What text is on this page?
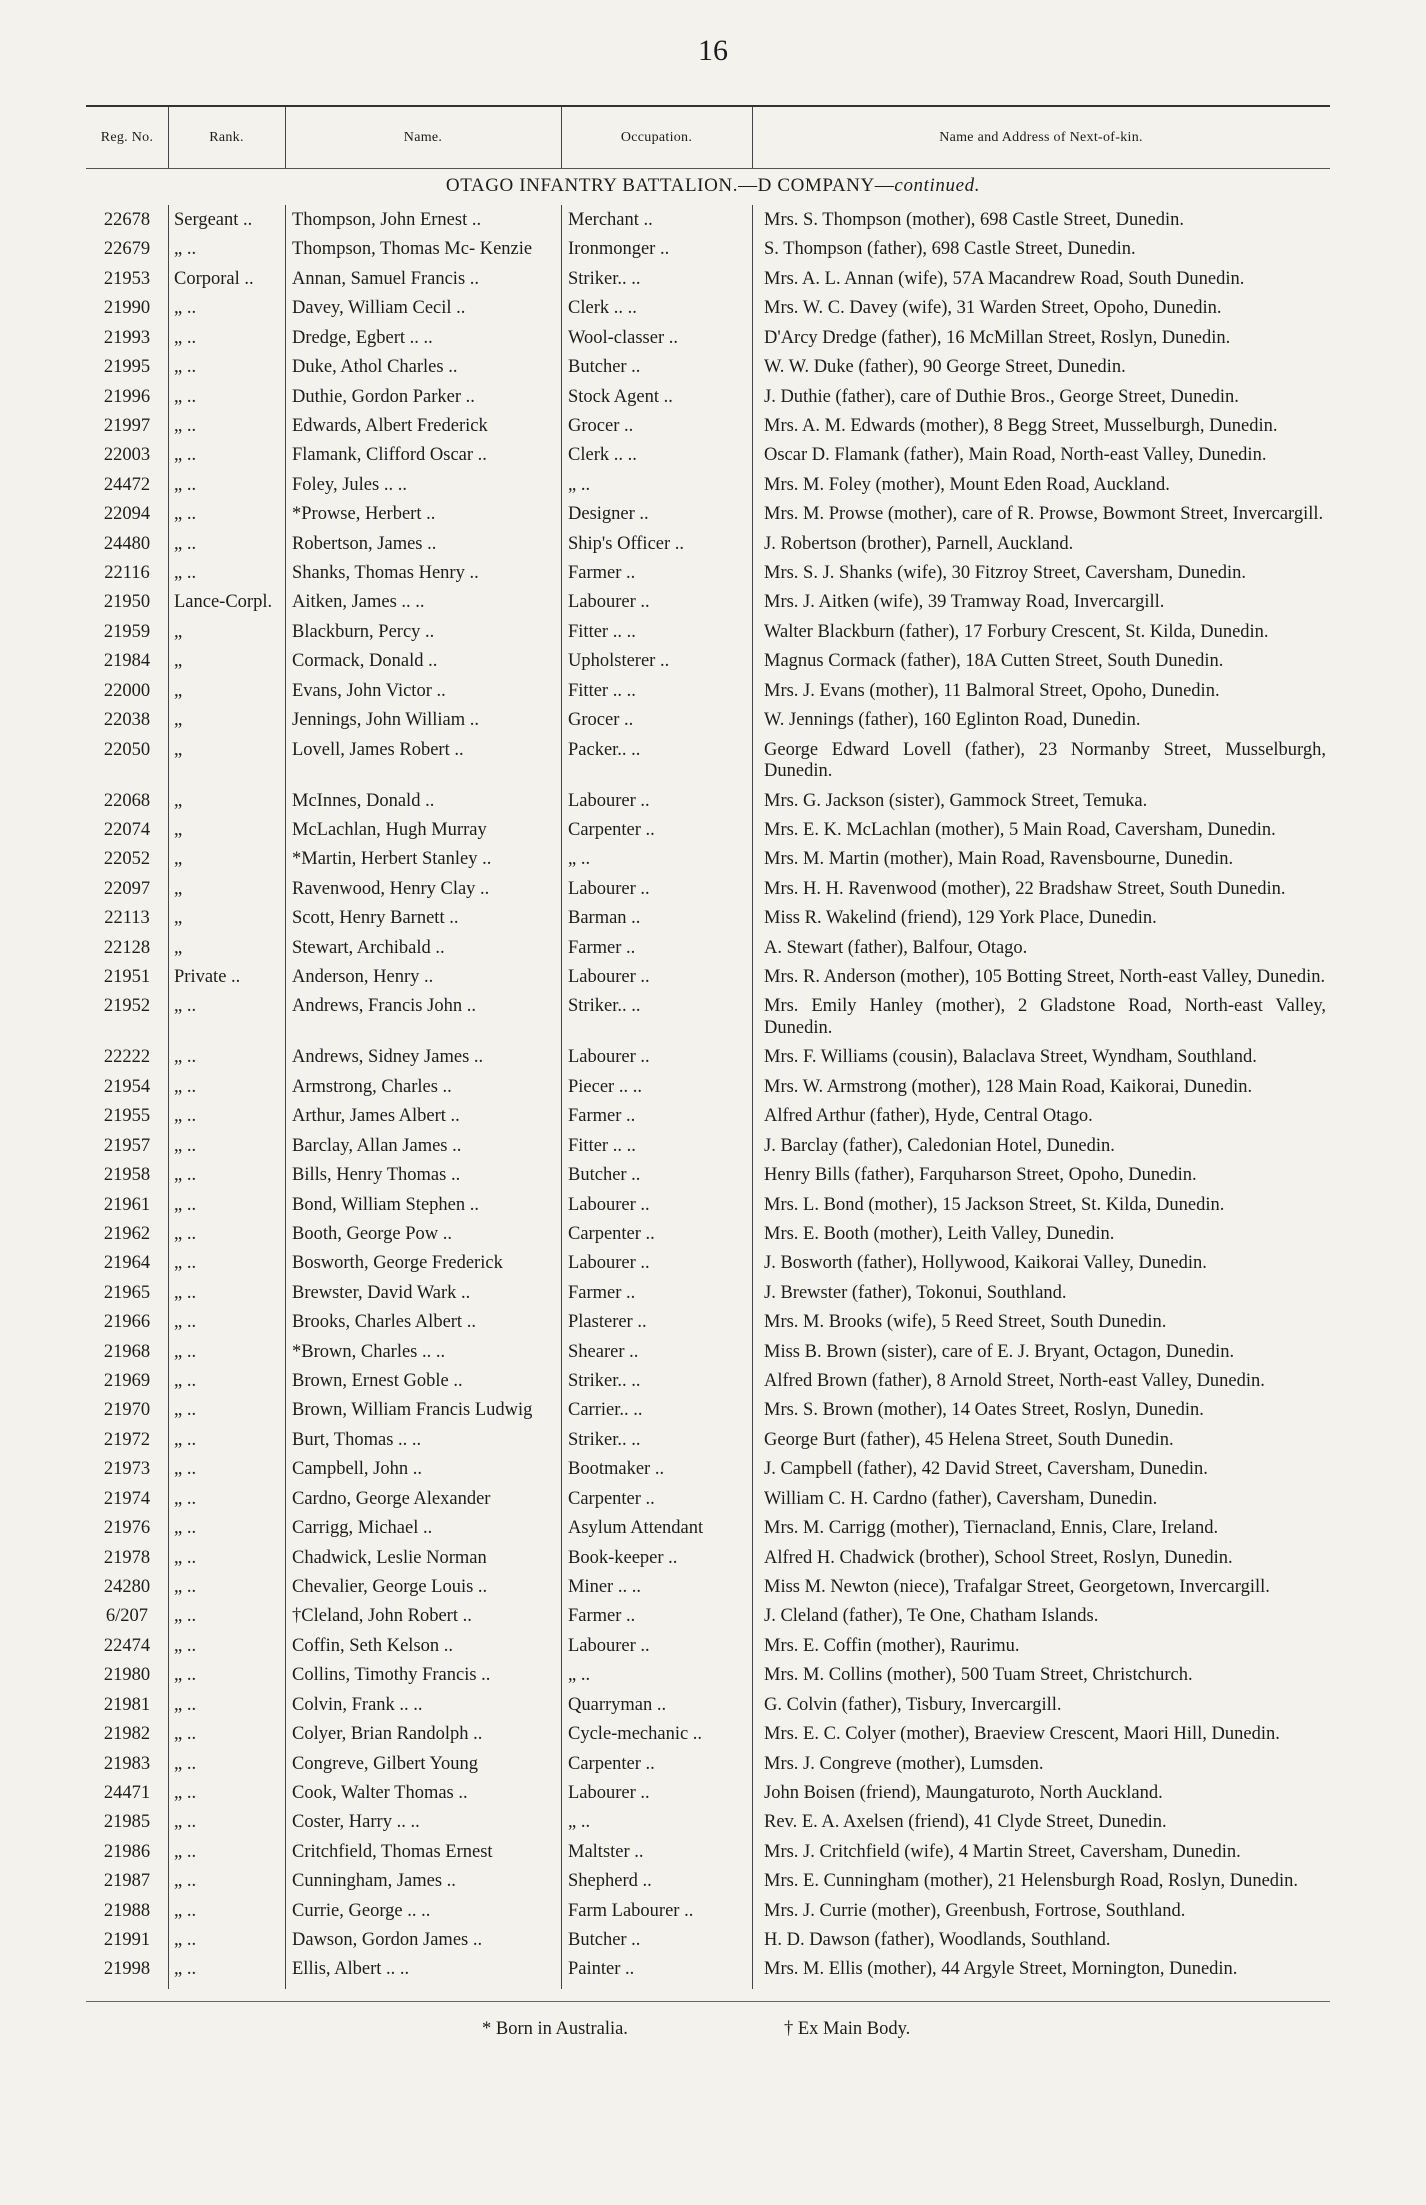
16
Reg. No.	Rank.	Name.	Occupation.	Name and Address of Next-of-kin.
OTAGO INFANTRY BATTALION.—D COMPANY—continued.
22678	Sergeant ..	Thompson, John Ernest ..	Merchant ..	Mrs. S. Thompson (mother), 698 Castle Street, Dunedin.
22679	„ ..	Thompson, Thomas Mc- Kenzie	Ironmonger ..	S. Thompson (father), 698 Castle Street, Dunedin.
21953	Corporal ..	Annan, Samuel Francis ..	Striker.. ..	Mrs. A. L. Annan (wife), 57A Macandrew Road, South Dunedin.
21990	„ ..	Davey, William Cecil ..	Clerk .. ..	Mrs. W. C. Davey (wife), 31 Warden Street, Opoho, Dunedin.
21993	„ ..	Dredge, Egbert .. ..	Wool-classer ..	D'Arcy Dredge (father), 16 McMillan Street, Roslyn, Dunedin.
21995	„ ..	Duke, Athol Charles ..	Butcher ..	W. W. Duke (father), 90 George Street, Dunedin.
21996	„ ..	Duthie, Gordon Parker ..	Stock Agent ..	J. Duthie (father), care of Duthie Bros., George Street, Dunedin.
21997	„ ..	Edwards, Albert Frederick	Grocer ..	Mrs. A. M. Edwards (mother), 8 Begg Street, Musselburgh, Dunedin.
22003	„ ..	Flamank, Clifford Oscar ..	Clerk .. ..	Oscar D. Flamank (father), Main Road, North-east Valley, Dunedin.
24472	„ ..	Foley, Jules .. ..	„ ..	Mrs. M. Foley (mother), Mount Eden Road, Auckland.
22094	„ ..	*Prowse, Herbert ..	Designer ..	Mrs. M. Prowse (mother), care of R. Prowse, Bowmont Street, Invercargill.
24480	„ ..	Robertson, James ..	Ship's Officer ..	J. Robertson (brother), Parnell, Auckland.
22116	„ ..	Shanks, Thomas Henry ..	Farmer ..	Mrs. S. J. Shanks (wife), 30 Fitzroy Street, Caversham, Dunedin.
21950	Lance-Corpl.	Aitken, James .. ..	Labourer ..	Mrs. J. Aitken (wife), 39 Tramway Road, Invercargill.
21959	„	Blackburn, Percy ..	Fitter .. ..	Walter Blackburn (father), 17 Forbury Crescent, St. Kilda, Dunedin.
21984	„	Cormack, Donald ..	Upholsterer ..	Magnus Cormack (father), 18A Cutten Street, South Dunedin.
22000	„	Evans, John Victor ..	Fitter .. ..	Mrs. J. Evans (mother), 11 Balmoral Street, Opoho, Dunedin.
22038	„	Jennings, John William ..	Grocer ..	W. Jennings (father), 160 Eglinton Road, Dunedin.
22050	„	Lovell, James Robert ..	Packer.. ..	George Edward Lovell (father), 23 Normanby Street, Musselburgh, Dunedin.
22068	„	McInnes, Donald ..	Labourer ..	Mrs. G. Jackson (sister), Gammock Street, Temuka.
22074	„	McLachlan, Hugh Murray	Carpenter ..	Mrs. E. K. McLachlan (mother), 5 Main Road, Caversham, Dunedin.
22052	„	*Martin, Herbert Stanley ..	„ ..	Mrs. M. Martin (mother), Main Road, Ravensbourne, Dunedin.
22097	„	Ravenwood, Henry Clay ..	Labourer ..	Mrs. H. H. Ravenwood (mother), 22 Bradshaw Street, South Dunedin.
22113	„	Scott, Henry Barnett ..	Barman ..	Miss R. Wakelind (friend), 129 York Place, Dunedin.
22128	„	Stewart, Archibald ..	Farmer ..	A. Stewart (father), Balfour, Otago.
21951	Private ..	Anderson, Henry ..	Labourer ..	Mrs. R. Anderson (mother), 105 Botting Street, North-east Valley, Dunedin.
21952	„ ..	Andrews, Francis John ..	Striker.. ..	Mrs. Emily Hanley (mother), 2 Gladstone Road, North-east Valley, Dunedin.
22222	„ ..	Andrews, Sidney James ..	Labourer ..	Mrs. F. Williams (cousin), Balaclava Street, Wyndham, Southland.
21954	„ ..	Armstrong, Charles ..	Piecer .. ..	Mrs. W. Armstrong (mother), 128 Main Road, Kaikorai, Dunedin.
21955	„ ..	Arthur, James Albert ..	Farmer ..	Alfred Arthur (father), Hyde, Central Otago.
21957	„ ..	Barclay, Allan James ..	Fitter .. ..	J. Barclay (father), Caledonian Hotel, Dunedin.
21958	„ ..	Bills, Henry Thomas ..	Butcher ..	Henry Bills (father), Farquharson Street, Opoho, Dunedin.
21961	„ ..	Bond, William Stephen ..	Labourer ..	Mrs. L. Bond (mother), 15 Jackson Street, St. Kilda, Dunedin.
21962	„ ..	Booth, George Pow ..	Carpenter ..	Mrs. E. Booth (mother), Leith Valley, Dunedin.
21964	„ ..	Bosworth, George Frederick	Labourer ..	J. Bosworth (father), Hollywood, Kaikorai Valley, Dunedin.
21965	„ ..	Brewster, David Wark ..	Farmer ..	J. Brewster (father), Tokonui, Southland.
21966	„ ..	Brooks, Charles Albert ..	Plasterer ..	Mrs. M. Brooks (wife), 5 Reed Street, South Dunedin.
21968	„ ..	*Brown, Charles .. ..	Shearer ..	Miss B. Brown (sister), care of E. J. Bryant, Octagon, Dunedin.
21969	„ ..	Brown, Ernest Goble ..	Striker.. ..	Alfred Brown (father), 8 Arnold Street, North-east Valley, Dunedin.
21970	„ ..	Brown, William Francis Ludwig	Carrier.. ..	Mrs. S. Brown (mother), 14 Oates Street, Roslyn, Dunedin.
21972	„ ..	Burt, Thomas .. ..	Striker.. ..	George Burt (father), 45 Helena Street, South Dunedin.
21973	„ ..	Campbell, John ..	Bootmaker ..	J. Campbell (father), 42 David Street, Caversham, Dunedin.
21974	„ ..	Cardno, George Alexander	Carpenter ..	William C. H. Cardno (father), Caversham, Dunedin.
21976	„ ..	Carrigg, Michael ..	Asylum Attendant	Mrs. M. Carrigg (mother), Tiernacland, Ennis, Clare, Ireland.
21978	„ ..	Chadwick, Leslie Norman	Book-keeper ..	Alfred H. Chadwick (brother), School Street, Roslyn, Dunedin.
24280	„ ..	Chevalier, George Louis ..	Miner .. ..	Miss M. Newton (niece), Trafalgar Street, Georgetown, Invercargill.
6/207	„ ..	†Cleland, John Robert ..	Farmer ..	J. Cleland (father), Te One, Chatham Islands.
22474	„ ..	Coffin, Seth Kelson ..	Labourer ..	Mrs. E. Coffin (mother), Raurimu.
21980	„ ..	Collins, Timothy Francis ..	„ ..	Mrs. M. Collins (mother), 500 Tuam Street, Christchurch.
21981	„ ..	Colvin, Frank .. ..	Quarryman ..	G. Colvin (father), Tisbury, Invercargill.
21982	„ ..	Colyer, Brian Randolph ..	Cycle-mechanic ..	Mrs. E. C. Colyer (mother), Braeview Crescent, Maori Hill, Dunedin.
21983	„ ..	Congreve, Gilbert Young	Carpenter ..	Mrs. J. Congreve (mother), Lumsden.
24471	„ ..	Cook, Walter Thomas ..	Labourer ..	John Boisen (friend), Maungaturoto, North Auckland.
21985	„ ..	Coster, Harry .. ..	„ ..	Rev. E. A. Axelsen (friend), 41 Clyde Street, Dunedin.
21986	„ ..	Critchfield, Thomas Ernest	Maltster ..	Mrs. J. Critchfield (wife), 4 Martin Street, Caversham, Dunedin.
21987	„ ..	Cunningham, James ..	Shepherd ..	Mrs. E. Cunningham (mother), 21 Helensburgh Road, Roslyn, Dunedin.
21988	„ ..	Currie, George .. ..	Farm Labourer ..	Mrs. J. Currie (mother), Greenbush, Fortrose, Southland.
21991	„ ..	Dawson, Gordon James ..	Butcher ..	H. D. Dawson (father), Woodlands, Southland.
21998	„ ..	Ellis, Albert .. ..	Painter ..	Mrs. M. Ellis (mother), 44 Argyle Street, Mornington, Dunedin.
* Born in Australia.	† Ex Main Body.
